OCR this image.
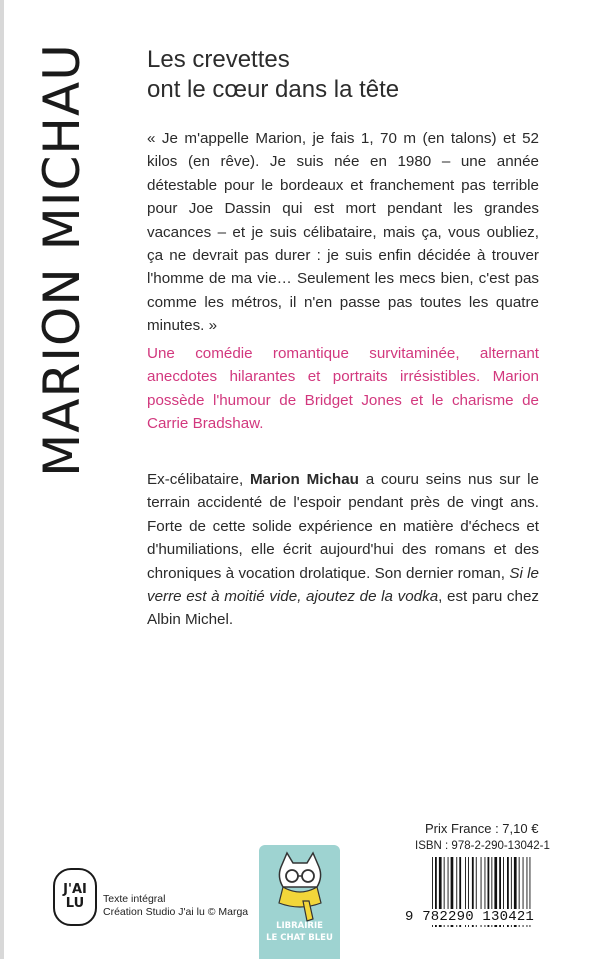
MARION MICHAU Les crevettes
ont le cœur dans la tête

« Je m'appelle Marion, je fais 1, 70 m (en talons) et 52 kilos (en rêve). Je suis née en 1980 – une année détestable pour le bordeaux et franchement pas terrible pour Joe Dassin qui est mort pendant les grandes vacances – et je suis célibataire, mais ça, vous oubliez, ça ne devrait pas durer : je suis enfin décidée à trouver l'homme de ma vie… Seulement les mecs bien, c'est pas comme les métros, il n'en passe pas toutes les quatre minutes. »

Une comédie romantique survitaminée, alternant anecdotes hilarantes et portraits irrésistibles. Marion possède l'humour de Bridget Jones et le charisme de Carrie Bradshaw.

Ex-célibataire, Marion Michau a couru seins nus sur le terrain accidenté de l'espoir pendant près de vingt ans. Forte de cette solide expérience en matière d'échecs et d'humiliations, elle écrit aujourd'hui des romans et des chroniques à vocation drolatique. Son dernier roman, Si le verre est à moitié vide, ajoutez de la vodka, est paru chez Albin Michel.

J'AI
LU Texte intégral
Création Studio J'ai lu © Marga
LIBRAIRIE
LE CHAT BLEU
Prix France : 7,10 €
ISBN : 978-2-290-13042-1
9 782290 130421
